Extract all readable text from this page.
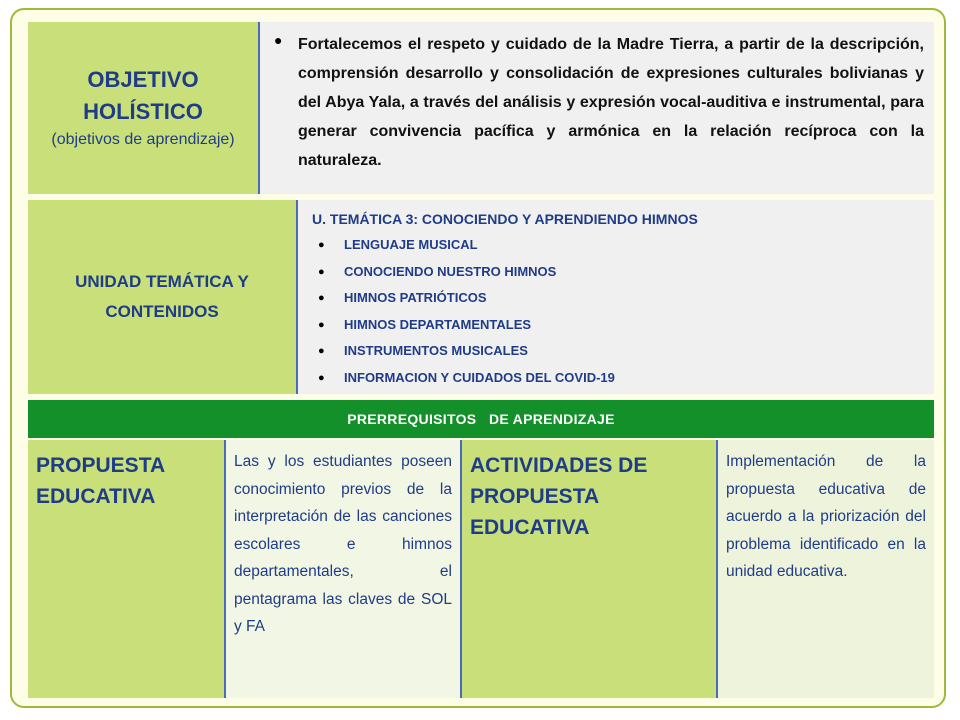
OBJETIVO HOLÍSTICO
(objetivos de aprendizaje)
● Fortalecemos el respeto y cuidado de la Madre Tierra, a partir de la descripción, comprensión desarrollo y consolidación de expresiones culturales bolivianas y del Abya Yala, a través del análisis y expresión vocal-auditiva e instrumental, para generar convivencia pacífica y armónica en la relación recíproca con la naturaleza.

UNIDAD TEMÁTICA Y
CONTENIDOS
U. TEMÁTICA 3: CONOCIENDO Y APRENDIENDO HIMNOS
● LENGUAJE MUSICAL
● CONOCIENDO NUESTRO HIMNOS
● HIMNOS PATRIÓTICOS
● HIMNOS DEPARTAMENTALES
● INSTRUMENTOS MUSICALES
● INFORMACION Y CUIDADOS DEL COVID-19
PRERREQUISITOS   DE APRENDIZAJE
PROPUESTA EDUCATIVA

Las y los estudiantes poseen conocimiento previos de la interpretación de las canciones escolares e himnos departamentales, el pentagrama las claves de SOL y FA

ACTIVIDADES DE PROPUESTA EDUCATIVA

Implementación de la propuesta educativa de acuerdo a la priorización del problema identificado en la unidad educativa.
